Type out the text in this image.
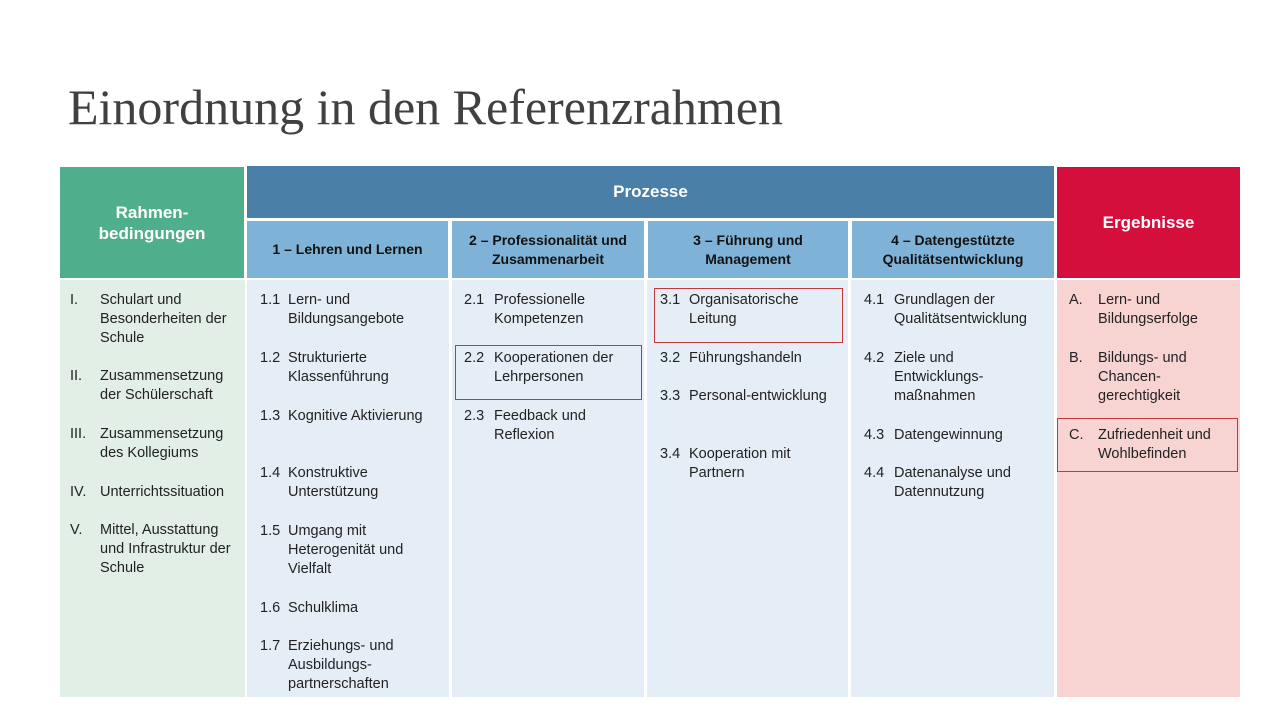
Einordnung in den Referenzrahmen
Rahmen-
bedingungen
Prozesse
Ergebnisse
1 – Lehren und Lernen
2 – Professionalität und Zusammenarbeit
3 – Führung und Management
4 – Datengestützte Qualitätsentwicklung
I. Schulart und Besonderheiten der Schule
II. Zusammensetzung der Schülerschaft
III. Zusammensetzung des Kollegiums
IV. Unterrichtssituation
V. Mittel, Ausstattung und Infrastruktur der Schule
1.1 Lern- und Bildungsangebote
1.2 Strukturierte Klassenführung
1.3 Kognitive Aktivierung
1.4 Konstruktive Unterstützung
1.5 Umgang mit Heterogenität und Vielfalt
1.6 Schulklima
1.7 Erziehungs- und Ausbildungs-partnerschaften
2.1 Professionelle Kompetenzen
2.2 Kooperationen der Lehrpersonen
2.3 Feedback und Reflexion
3.1 Organisatorische Leitung
3.2 Führungshandeln
3.3 Personal-entwicklung
3.4 Kooperation mit Partnern
4.1 Grundlagen der Qualitätsentwicklung
4.2 Ziele und Entwicklungs-maßnahmen
4.3 Datengewinnung
4.4 Datenanalyse und Datennutzung
A. Lern- und Bildungserfolge
B. Bildungs- und Chancen-gerechtigkeit
C. Zufriedenheit und Wohlbefinden
